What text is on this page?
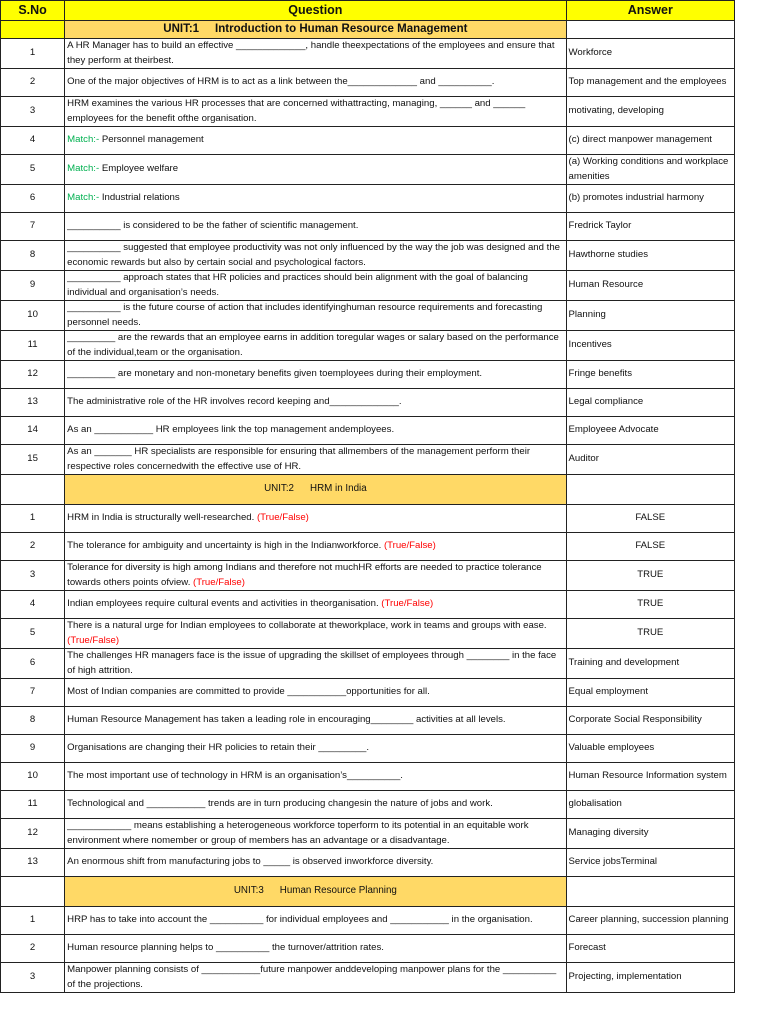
S.No	Question	Answer
	UNIT:1 Introduction to Human Resource Management	
1	A HR Manager has to build an effective _____________, handle theexpectations of the employees and ensure that they perform at theirbest.	Workforce
2	One of the major objectives of HRM is to act as a link between the_____________ and __________.	Top management and the employees
3	HRM examines the various HR processes that are concerned withattracting, managing, ______ and ______ employees for the benefit ofthe organisation.	motivating, developing
4	Match:- Personnel management	(c) direct manpower management
5	Match:- Employee welfare	(a) Working conditions and workplace amenities
6	Match:- Industrial relations	(b) promotes industrial harmony
7	__________ is considered to be the father of scientific management.	Fredrick Taylor
8	__________ suggested that employee productivity was not only influenced by the way the job was designed and the economic rewards but also by certain social and psychological factors.	Hawthorne studies
9	__________ approach states that HR policies and practices should bein alignment with the goal of balancing individual and organisation’s needs.	Human Resource
10	__________ is the future course of action that includes identifyinghuman resource requirements and forecasting personnel needs.	Planning
11	_________ are the rewards that an employee earns in addition toregular wages or salary based on the performance of the individual,team or the organisation.	Incentives
12	_________ are monetary and non-monetary benefits given toemployees during their employment.	Fringe benefits
13	The administrative role of the HR involves record keeping and_____________.	Legal compliance
14	As an ___________ HR employees link the top management andemployees.	Employeee Advocate
15	As an _______ HR specialists are responsible for ensuring that allmembers of the management perform their respective roles concernedwith the effective use of HR.	Auditor
	UNIT:2 HRM in India	
1	HRM in India is structurally well-researched. (True/False)	FALSE
2	The tolerance for ambiguity and uncertainty is high in the Indianworkforce. (True/False)	FALSE
3	Tolerance for diversity is high among Indians and therefore not muchHR efforts are needed to practice tolerance towards others points ofview. (True/False)	TRUE
4	Indian employees require cultural events and activities in theorganisation. (True/False)	TRUE
5	There is a natural urge for Indian employees to collaborate at theworkplace, work in teams and groups with ease. (True/False)	TRUE
6	The challenges HR managers face is the issue of upgrading the skillset of employees through ________ in the face of high attrition.	Training and development
7	Most of Indian companies are committed to provide ___________opportunities for all.	Equal employment
8	Human Resource Management has taken a leading role in encouraging________ activities at all levels.	Corporate Social Responsibility
9	Organisations are changing their HR policies to retain their _________.	Valuable employees
10	The most important use of technology in HRM is an organisation’s__________.	Human Resource Information system
11	Technological and ___________ trends are in turn producing changesin the nature of jobs and work.	globalisation
12	____________ means establishing a heterogeneous workforce toperform to its potential in an equitable work environment where nomember or group of members has an advantage or a disadvantage.	Managing diversity
13	An enormous shift from manufacturing jobs to _____ is observed inworkforce diversity.	Service jobsTerminal
	UNIT:3 Human Resource Planning	
1	HRP has to take into account the __________ for individual employees and ___________ in the organisation.	Career planning, succession planning
2	Human resource planning helps to __________ the turnover/attrition rates.	Forecast
3	Manpower planning consists of ___________future manpower anddeveloping manpower plans for the __________ of the projections.	Projecting, implementation
